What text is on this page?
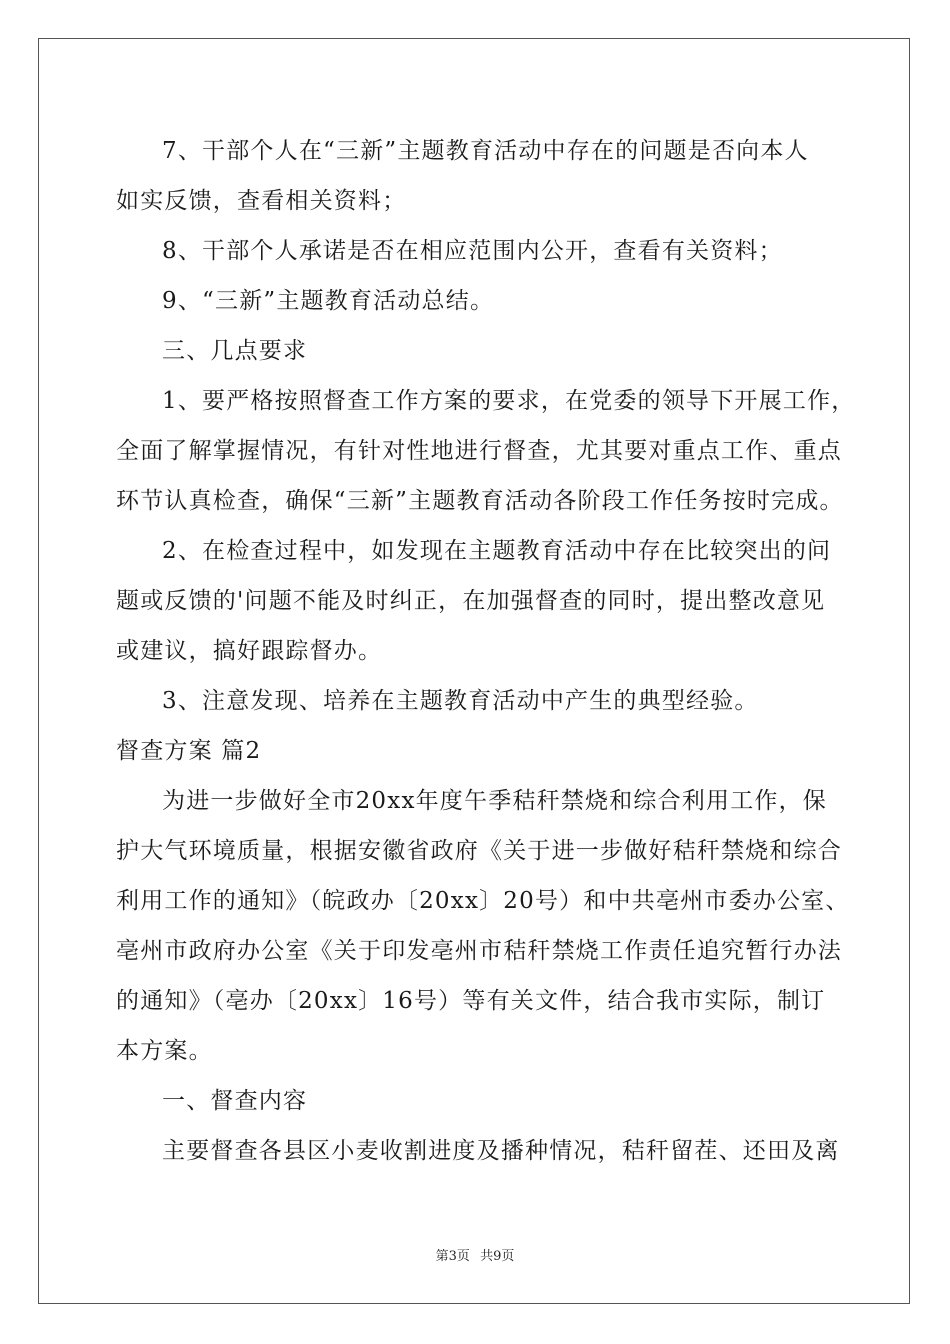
7、干部个人在“三新”主题教育活动中存在的问题是否向本人
如实反馈，查看相关资料；
8、干部个人承诺是否在相应范围内公开，查看有关资料；
9、“三新”主题教育活动总结。
三、几点要求
1、要严格按照督查工作方案的要求，在党委的领导下开展工作，
全面了解掌握情况，有针对性地进行督查，尤其要对重点工作、重点
环节认真检查，确保“三新”主题教育活动各阶段工作任务按时完成。
2、在检查过程中，如发现在主题教育活动中存在比较突出的问
题或反馈的'问题不能及时纠正，在加强督查的同时，提出整改意见
或建议，搞好跟踪督办。
3、注意发现、培养在主题教育活动中产生的典型经验。
督查方案 篇2
为进一步做好全市20xx年度午季秸秆禁烧和综合利用工作，保
护大气环境质量，根据安徽省政府《关于进一步做好秸秆禁烧和综合
利用工作的通知》（皖政办〔20xx〕20号）和中共亳州市委办公室、
亳州市政府办公室《关于印发亳州市秸秆禁烧工作责任追究暂行办法
的通知》（亳办〔20xx〕16号）等有关文件，结合我市实际，制订
本方案。
一、督查内容
主要督查各县区小麦收割进度及播种情况，秸秆留茬、还田及离
第3页 共9页
